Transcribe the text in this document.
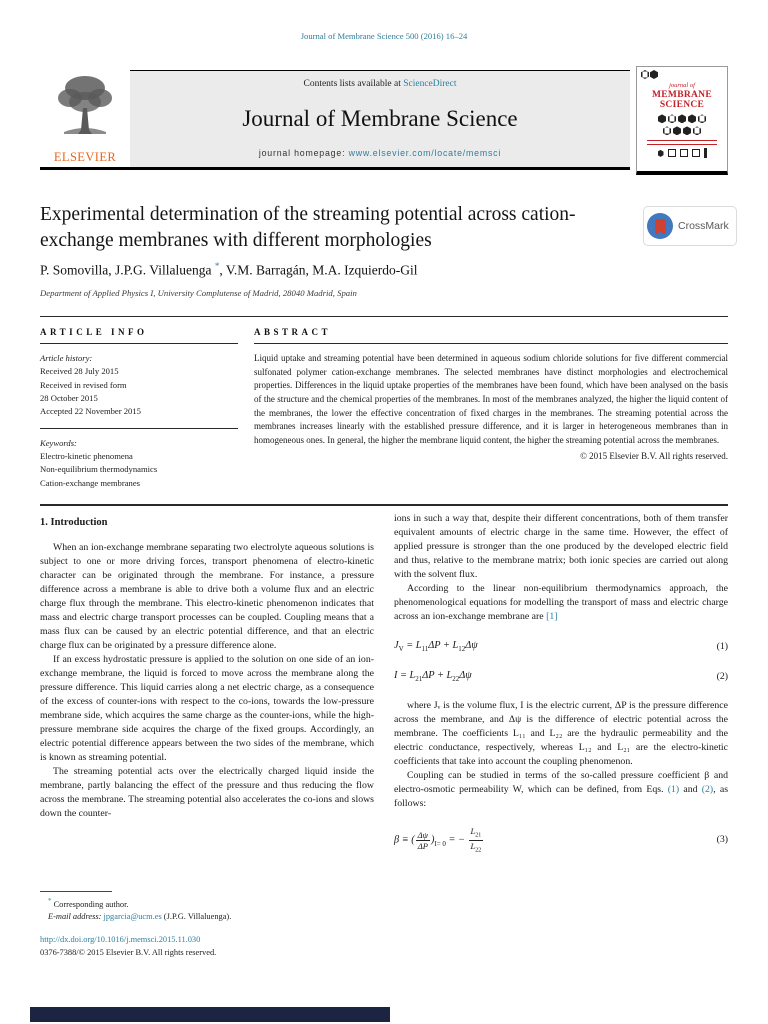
Journal of Membrane Science 500 (2016) 16–24
ELSEVIER
Contents lists available at ScienceDirect
Journal of Membrane Science
journal homepage: www.elsevier.com/locate/memsci
journal of
MEMBRANE
SCIENCE
Experimental determination of the streaming potential across cation-exchange membranes with different morphologies
CrossMark
P. Somovilla, J.P.G. Villaluenga *, V.M. Barragán, M.A. Izquierdo-Gil
Department of Applied Physics I, University Complutense of Madrid, 28040 Madrid, Spain
ARTICLE INFO
Article history:
Received 28 July 2015
Received in revised form
28 October 2015
Accepted 22 November 2015
Keywords:
Electro-kinetic phenomena
Non-equilibrium thermodynamics
Cation-exchange membranes
ABSTRACT
Liquid uptake and streaming potential have been determined in aqueous sodium chloride solutions for five different commercial sulfonated polymer cation-exchange membranes. The selected membranes have distinct morphologies and electrochemical properties. Differences in the liquid uptake properties of the membranes have been found, which have been analysed on the basis of the structure and the chemical properties of the membranes. In most of the membranes analyzed, the higher the liquid content of the membranes, the lower the effective concentration of fixed charges in the membranes. The streaming potential across the membranes increases linearly with the established pressure difference, and it is larger in heterogeneous membranes than in homogeneous ones. In general, the higher the membrane liquid content, the higher the streaming potential across the membranes.
© 2015 Elsevier B.V. All rights reserved.
1. Introduction

When an ion-exchange membrane separating two electrolyte aqueous solutions is subject to one or more driving forces, transport phenomena of electro-kinetic character can be originated through the membrane. For instance, a pressure difference across a membrane is able to drive both a volume flux and an electric charge flux through the membrane. This electro-kinetic phenomenon indicates that mass and electric charge transport processes can be coupled. Coupling means that a mass flux can be caused by an electric potential difference, and that an electric charge flux can be originated by a pressure difference alone.

If an excess hydrostatic pressure is applied to the solution on one side of an ion-exchange membrane, the liquid is forced to move across the membrane along the pressure difference. This liquid carries along a net electric charge, as a consequence of the excess of counter-ions with respect to the co-ions, towards the low-pressure membrane side, which acquires the same charge as the counter-ions, while the high-pressure membrane side acquires the charge of the fixed groups. Accordingly, an electric potential difference appears between the two sides of the membrane, which is known as streaming potential.

The streaming potential acts over the electrically charged liquid inside the membrane, partly balancing the effect of the pressure and thus reducing the flow across the membrane. The streaming potential also accelerates the co-ions and slows down the counter-

ions in such a way that, despite their different concentrations, both of them transfer equivalent amounts of electric charge in the same time. However, the effect of applied pressure is stronger than the one produced by the developed electric field and thus, relative to the membrane matrix; both ionic species are carried out along with the solvent flux.

According to the linear non-equilibrium thermodynamics approach, the phenomenological equations for modelling the transport of mass and electric charge across an ion-exchange membrane are [1]

$J_V = L_{11}\Delta P + L_{12}\Delta\psi$	(1)
$I = L_{21}\Delta P + L_{22}\Delta\psi$	(2)

where Jᵥ is the volume flux, I is the electric current, ΔP is the pressure difference across the membrane, and Δψ is the difference of electric potential across the membrane. The coefficients L₁₁ and L₂₂ are the hydraulic permeability and the electric conductance, respectively, whereas L₁₂ and L₂₁ are the electro-kinetic coefficients that take into account the coupling phenomenon.

Coupling can be studied in terms of the so-called pressure coefficient β and electro-osmotic permeability W, which can be defined, from Eqs. (1) and (2), as follows:

β ≡ ( $\frac{\Delta\psi}{\Delta P} )_{I= 0}$ = − $\frac{L_{21}}{L_{22}}$	(3)
* Corresponding author.
E-mail address: jpgarcia@ucm.es (J.P.G. Villaluenga).
http://dx.doi.org/10.1016/j.memsci.2015.11.030
0376-7388/© 2015 Elsevier B.V. All rights reserved.
